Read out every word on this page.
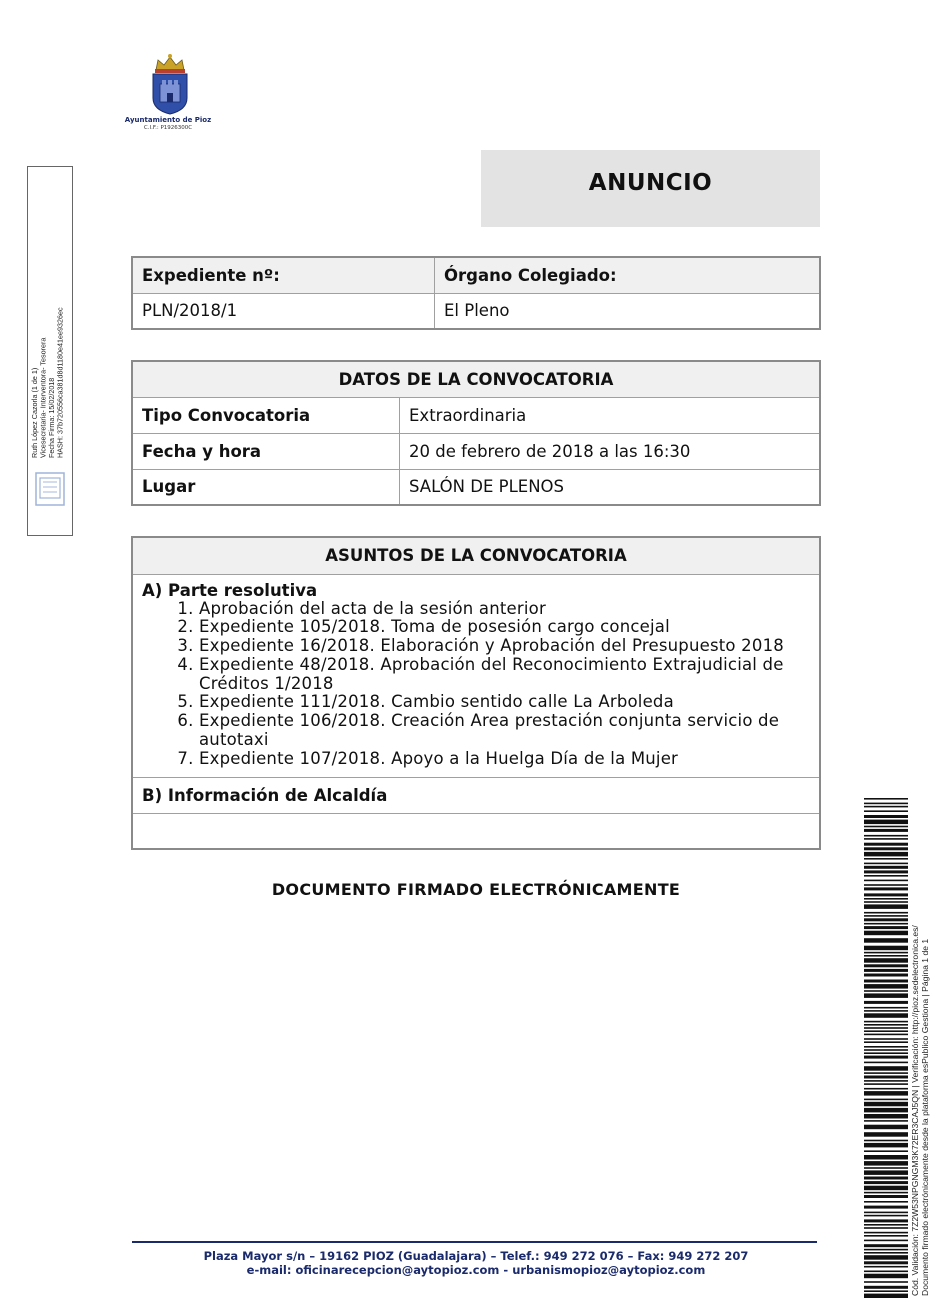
Ayuntamiento de Pioz
C.I.F.: P1926300C
Ruth López Cazorla (1 de 1) Vicesecretaria- Interventora- Tesorera Fecha Firma: 15/02/2018 HASH: 37b720556ca381d8d1180e41ee9326ec
ANUNCIO
Expediente nº:	Órgano Colegiado:
PLN/2018/1	El Pleno
DATOS DE LA CONVOCATORIA	
Tipo Convocatoria	Extraordinaria
Fecha y hora	20 de febrero de 2018 a las 16:30
Lugar	SALÓN DE PLENOS
ASUNTOS DE LA CONVOCATORIA

A) Parte resolutiva
1. Aprobación del acta de la sesión anterior
2. Expediente 105/2018. Toma de posesión cargo concejal
3. Expediente 16/2018. Elaboración y Aprobación del Presupuesto 2018
4. Expediente 48/2018. Aprobación del Reconocimiento Extrajudicial de Créditos 1/2018
5. Expediente 111/2018. Cambio sentido calle La Arboleda
6. Expediente 106/2018. Creación Area prestación conjunta servicio de autotaxi
7. Expediente 107/2018. Apoyo a la Huelga Día de la Mujer

B) Información de Alcaldía

DOCUMENTO FIRMADO ELECTRÓNICAMENTE
Cód. Validación: 7Z2W53NPGNGM3K72ER3CAJ5QN | Verificación: http://pioz.sedelectronica.es/ Documento firmado electrónicamente desde la plataforma esPublico Gestiona | Página 1 de 1
Plaza Mayor s/n – 19162 PIOZ (Guadalajara) – Telef.: 949 272 076 – Fax: 949 272 207
e-mail: oficinarecepcion@aytopioz.com - urbanismopioz@aytopioz.com
